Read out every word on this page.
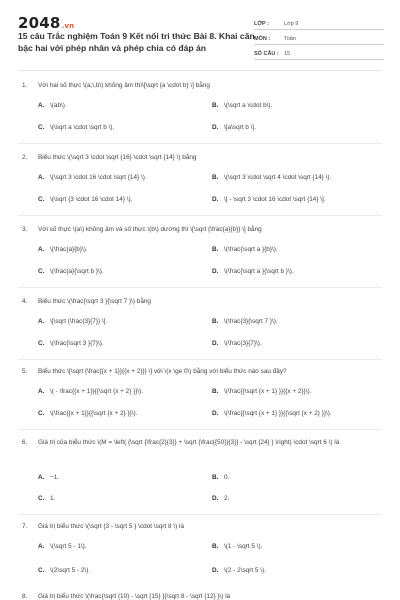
2048.vn
15 câu Trắc nghiệm Toán 9 Kết nối tri thức Bài 8. Khai căn bậc hai với phép nhân và phép chia có đáp án
LỚP :	Lớp 9
MÔN :	Toán
SỐ CÂU : 15
1. Với hai số thực \(a,\,b\) không âm thì\[\sqrt {a \cdot b} \] bằng
A. \(ab\).	B. \(\sqrt a \cdot b\).
C. \(\sqrt a \cdot \sqrt b \).	D. \[a\sqrt b \].
2. Biểu thức \(\sqrt 3 \cdot \sqrt {16} \cdot \sqrt {14} \) bằng
A. \(\sqrt 3 \cdot 16 \cdot \sqrt {14} \).	B. \(\sqrt 3 \cdot \sqrt 4 \cdot \sqrt {14} \).
C. \(\sqrt {3 \cdot 16 \cdot 14} \).	D. \[ - \sqrt 3 \cdot 16 \cdot \sqrt {14} \].
3. Với số thực \(a\) không âm và số thực \(b\) dương thì \[\sqrt {\frac{a}{b}} \] bằng
A. \(\frac{a}{b}\).	B. \(\frac{\sqrt a }{b}\).
C. \(\frac{a}{\sqrt b }\).	D. \(\frac{\sqrt a }{\sqrt b }\).
4. Biểu thức \(\frac{\sqrt 3 }{\sqrt 7 }\) bằng
A. \[\sqrt {\frac{3}{7}} \].	B. \(\frac{3}{\sqrt 7 }\).
C. \(\frac{\sqrt 3 }{7}\).	D. \(\frac{3}{7}\).
5. Biểu thức \[\sqrt {\frac{{x + 1}}{{x + 2}}} \] với \(x \ge 0\) bằng với biểu thức nào sau đây?
A. \( - \frac{{x + 1}}{{\sqrt {x + 2} }}\).	B. \(\frac{{\sqrt {x + 1} }}{{x + 2}}\).
C. \(\frac{{x + 1}}{{\sqrt {x + 2} }}\).	D. \(\frac{{\sqrt {x + 1} }}{{\sqrt {x + 2} }}\).
6. Giá trị của biểu thức \(M = \left( {\sqrt {\frac{2}{3}} + \sqrt {\frac{{50}}{3}} - \sqrt {24} } \right) \cdot \sqrt 6 \) là
A. −1.	B. 0.
C. 1.	D. 2.
7. Giá trị biểu thức \(\sqrt {3 - \sqrt 5 } \cdot \sqrt 8 \) là
A. \(\sqrt 5 - 1\).	B. \(1 - \sqrt 5 \).
C. \(2\sqrt 5 - 2\).	D. \(2 - 2\sqrt 5 \).
8. Giá trị biểu thức \(\frac{\sqrt {10} - \sqrt {15} }{\sqrt 8 - \sqrt {12} }\) là
